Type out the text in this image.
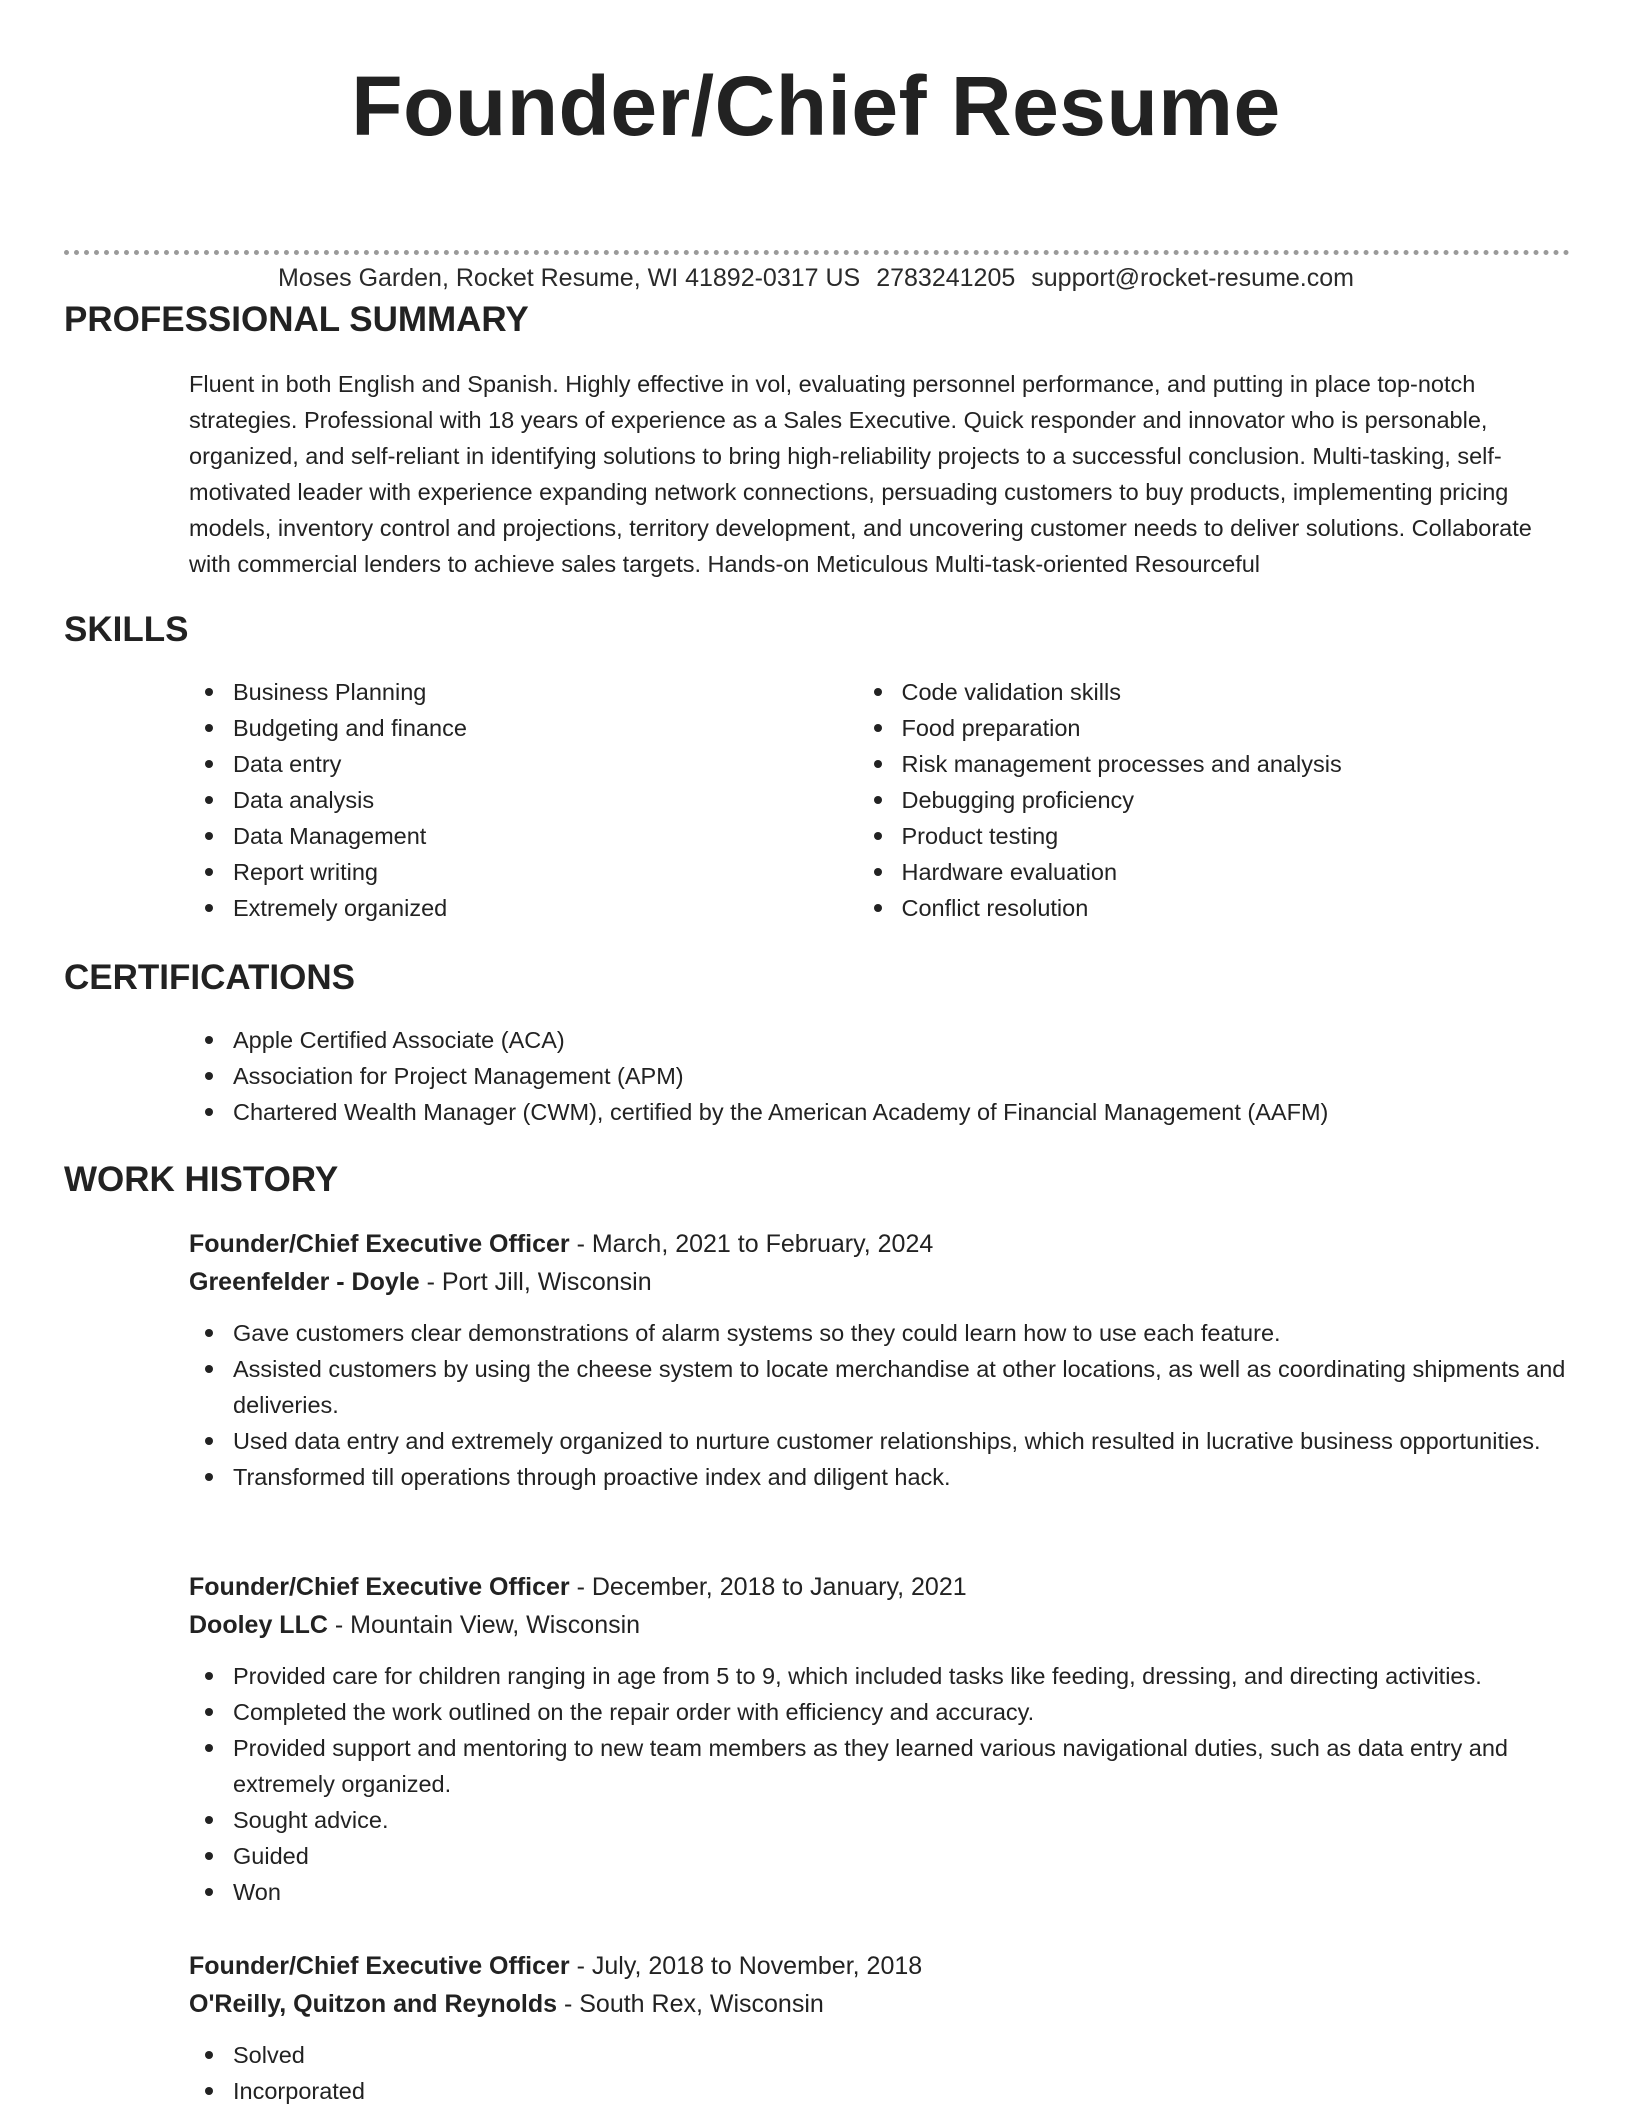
Founder/Chief Resume
Moses Garden, Rocket Resume, WI 41892-0317 US 2783241205 support@rocket-resume.com
PROFESSIONAL SUMMARY
Fluent in both English and Spanish. Highly effective in vol, evaluating personnel performance, and putting in place top-notch strategies. Professional with 18 years of experience as a Sales Executive. Quick responder and innovator who is personable, organized, and self-reliant in identifying solutions to bring high-reliability projects to a successful conclusion. Multi-tasking, self-motivated leader with experience expanding network connections, persuading customers to buy products, implementing pricing models, inventory control and projections, territory development, and uncovering customer needs to deliver solutions. Collaborate with commercial lenders to achieve sales targets. Hands-on Meticulous Multi-task-oriented Resourceful
SKILLS
Business Planning
Budgeting and finance
Data entry
Data analysis
Data Management
Report writing
Extremely organized
Code validation skills
Food preparation
Risk management processes and analysis
Debugging proficiency
Product testing
Hardware evaluation
Conflict resolution
CERTIFICATIONS
Apple Certified Associate (ACA)
Association for Project Management (APM)
Chartered Wealth Manager (CWM), certified by the American Academy of Financial Management (AAFM)
WORK HISTORY
Founder/Chief Executive Officer - March, 2021 to February, 2024
Greenfelder - Doyle - Port Jill, Wisconsin
Gave customers clear demonstrations of alarm systems so they could learn how to use each feature.
Assisted customers by using the cheese system to locate merchandise at other locations, as well as coordinating shipments and deliveries.
Used data entry and extremely organized to nurture customer relationships, which resulted in lucrative business opportunities.
Transformed till operations through proactive index and diligent hack.
Founder/Chief Executive Officer - December, 2018 to January, 2021
Dooley LLC - Mountain View, Wisconsin
Provided care for children ranging in age from 5 to 9, which included tasks like feeding, dressing, and directing activities.
Completed the work outlined on the repair order with efficiency and accuracy.
Provided support and mentoring to new team members as they learned various navigational duties, such as data entry and extremely organized.
Sought advice.
Guided
Won
Founder/Chief Executive Officer - July, 2018 to November, 2018
O'Reilly, Quitzon and Reynolds - South Rex, Wisconsin
Solved
Incorporated
